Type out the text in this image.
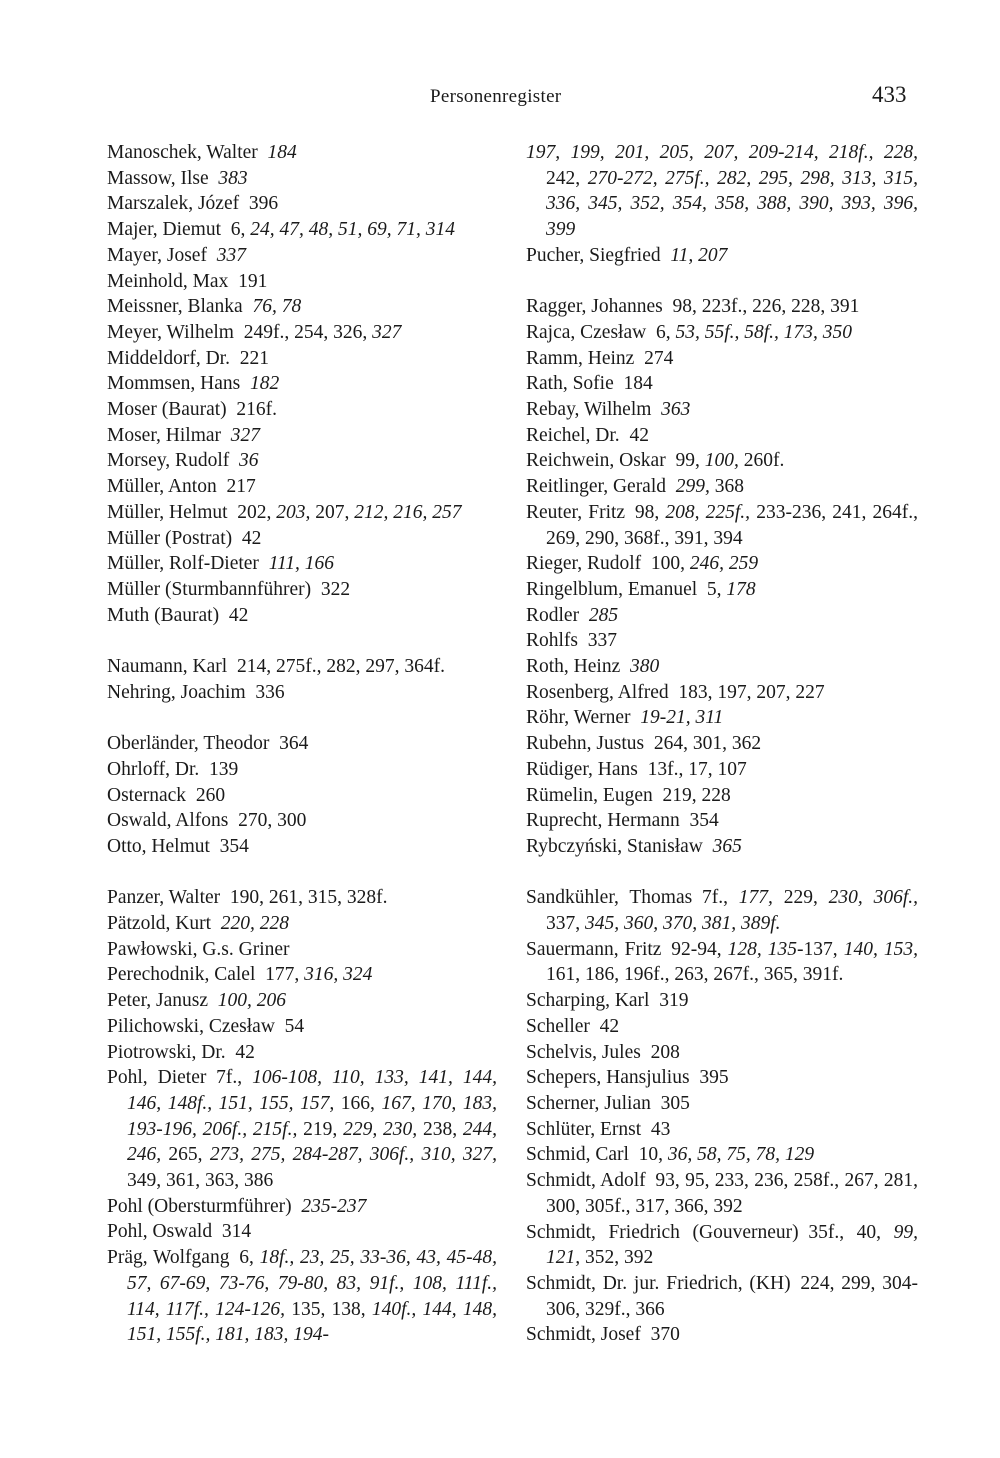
Personenregister	433
Manoschek, Walter  184
Massow, Ilse  383
Marszalek, Józef  396
Majer, Diemut  6, 24, 47, 48, 51, 69, 71, 314
Mayer, Josef  337
Meinhold, Max  191
Meissner, Blanka  76, 78
Meyer, Wilhelm  249f., 254, 326, 327
Middeldorf, Dr.  221
Mommsen, Hans  182
Moser (Baurat)  216f.
Moser, Hilmar  327
Morsey, Rudolf  36
Müller, Anton  217
Müller, Helmut  202, 203, 207, 212, 216, 257
Müller (Postrat)  42
Müller, Rolf-Dieter  111, 166
Müller (Sturmbannführer)  322
Muth (Baurat)  42
Naumann, Karl  214, 275f., 282, 297, 364f.
Nehring, Joachim  336
Oberländer, Theodor  364
Ohrloff, Dr.  139
Osternack  260
Oswald, Alfons  270, 300
Otto, Helmut  354
Panzer, Walter  190, 261, 315, 328f.
Pätzold, Kurt  220, 228
Pawłowski, G.s. Griner
Perechodnik, Calel  177, 316, 324
Peter, Janusz  100, 206
Pilichowski, Czesław  54
Piotrowski, Dr.  42
Pohl, Dieter  7f., 106-108, 110, 133, 141, 144, 146, 148f., 151, 155, 157, 166, 167, 170, 183, 193-196, 206f., 215f., 219, 229, 230, 238, 244, 246, 265, 273, 275, 284-287, 306f., 310, 327, 349, 361, 363, 386
Pohl (Obersturmführer)  235-237
Pohl, Oswald  314
Präg, Wolfgang  6, 18f., 23, 25, 33-36, 43, 45-48, 57, 67-69, 73-76, 79-80, 83, 91f., 108, 111f., 114, 117f., 124-126, 135, 138, 140f., 144, 148, 151, 155f., 181, 183, 194-
197, 199, 201, 205, 207, 209-214, 218f., 228, 242, 270-272, 275f., 282, 295, 298, 313, 315, 336, 345, 352, 354, 358, 388, 390, 393, 396, 399
Pucher, Siegfried  11, 207
Ragger, Johannes  98, 223f., 226, 228, 391
Rajca, Czesław  6, 53, 55f., 58f., 173, 350
Ramm, Heinz  274
Rath, Sofie  184
Rebay, Wilhelm  363
Reichel, Dr.  42
Reichwein, Oskar  99, 100, 260f.
Reitlinger, Gerald  299, 368
Reuter, Fritz  98, 208, 225f., 233-236, 241, 264f., 269, 290, 368f., 391, 394
Rieger, Rudolf  100, 246, 259
Ringelblum, Emanuel  5, 178
Rodler  285
Rohlfs  337
Roth, Heinz  380
Rosenberg, Alfred  183, 197, 207, 227
Röhr, Werner  19-21, 311
Rubehn, Justus  264, 301, 362
Rüdiger, Hans  13f., 17, 107
Rümelin, Eugen  219, 228
Ruprecht, Hermann  354
Rybczyński, Stanisław  365
Sandkühler, Thomas  7f., 177, 229, 230, 306f., 337, 345, 360, 370, 381, 389f.
Sauermann, Fritz  92-94, 128, 135-137, 140, 153, 161, 186, 196f., 263, 267f., 365, 391f.
Scharping, Karl  319
Scheller  42
Schelvis, Jules  208
Schepers, Hansjulius  395
Scherner, Julian  305
Schlüter, Ernst  43
Schmid, Carl  10, 36, 58, 75, 78, 129
Schmidt, Adolf  93, 95, 233, 236, 258f., 267, 281, 300, 305f., 317, 366, 392
Schmidt, Friedrich (Gouverneur)  35f., 40, 99, 121, 352, 392
Schmidt, Dr. jur. Friedrich, (KH)  224, 299, 304-306, 329f., 366
Schmidt, Josef  370
